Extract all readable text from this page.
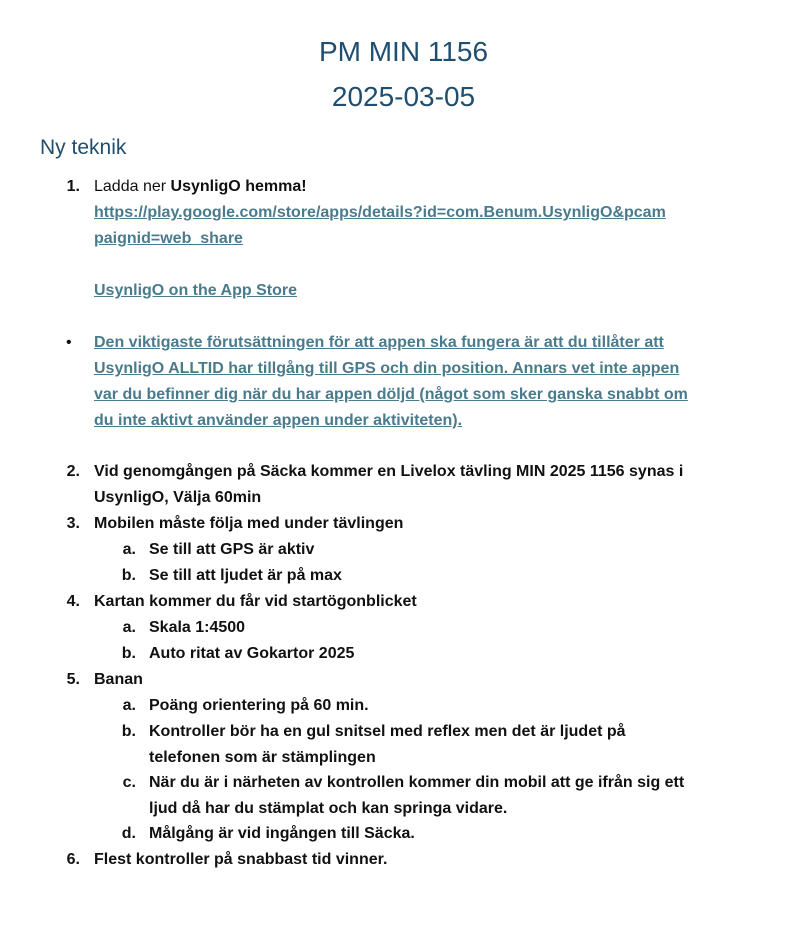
PM MIN 1156
2025-03-05
Ny teknik
1. Ladda ner UsynligO hemma!
https://play.google.com/store/apps/details?id=com.Benum.UsynligO&pcam
paignid=web_share
UsynligO on the App Store
• Den viktigaste förutsättningen för att appen ska fungera är att du tillåter att
UsynligO ALLTID har tillgång till GPS och din position. Annars vet inte appen
var du befinner dig när du har appen döljd (något som sker ganska snabbt om
du inte aktivt använder appen under aktiviteten).
2. Vid genomgången på Säcka kommer en Livelox tävling MIN 2025 1156 synas i
UsynligO, Välja 60min
3. Mobilen måste följa med under tävlingen
a. Se till att GPS är aktiv
b. Se till att ljudet är på max
4. Kartan kommer du får vid startögonblicket
a. Skala 1:4500
b. Auto ritat av Gokartor 2025
5. Banan
a. Poäng orientering på 60 min.
b. Kontroller bör ha en gul snitsel med reflex men det är ljudet på
telefonen som är stämplingen
c. När du är i närheten av kontrollen kommer din mobil att ge ifrån sig ett
ljud då har du stämplat och kan springa vidare.
d. Målgång är vid ingången till Säcka.
6. Flest kontroller på snabbast tid vinner.
